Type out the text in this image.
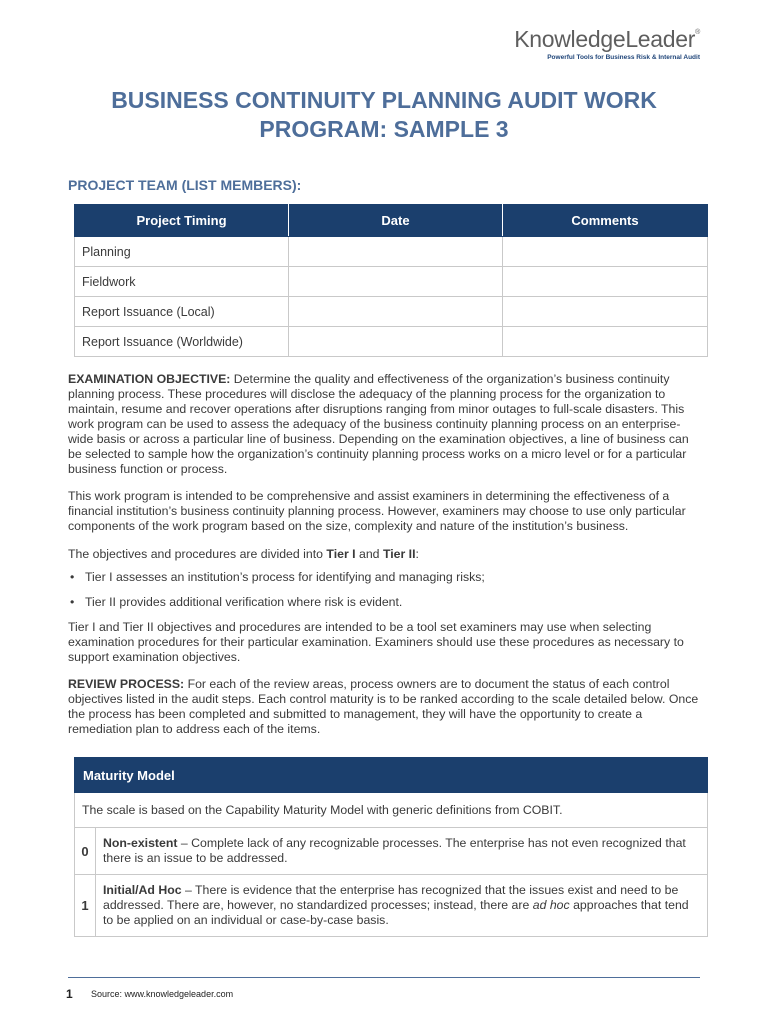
KnowledgeLeader®
Powerful Tools for Business Risk & Internal Audit
BUSINESS CONTINUITY PLANNING AUDIT WORK
PROGRAM: SAMPLE 3
PROJECT TEAM (LIST MEMBERS):
Project Timing	Date	Comments
Planning		
Fieldwork		
Report Issuance (Local)		
Report Issuance (Worldwide)		
EXAMINATION OBJECTIVE: Determine the quality and effectiveness of the organization’s business continuity planning process. These procedures will disclose the adequacy of the planning process for the organization to maintain, resume and recover operations after disruptions ranging from minor outages to full-scale disasters. This work program can be used to assess the adequacy of the business continuity planning process on an enterprise-wide basis or across a particular line of business. Depending on the examination objectives, a line of business can be selected to sample how the organization’s continuity planning process works on a micro level or for a particular business function or process.
This work program is intended to be comprehensive and assist examiners in determining the effectiveness of a financial institution’s business continuity planning process. However, examiners may choose to use only particular components of the work program based on the size, complexity and nature of the institution’s business.
The objectives and procedures are divided into Tier I and Tier II:
• Tier I assesses an institution’s process for identifying and managing risks;
• Tier II provides additional verification where risk is evident.
Tier I and Tier II objectives and procedures are intended to be a tool set examiners may use when selecting examination procedures for their particular examination. Examiners should use these procedures as necessary to support examination objectives.
REVIEW PROCESS: For each of the review areas, process owners are to document the status of each control objectives listed in the audit steps. Each control maturity is to be ranked according to the scale detailed below. Once the process has been completed and submitted to management, they will have the opportunity to create a remediation plan to address each of the items.
Maturity Model	
The scale is based on the Capability Maturity Model with generic definitions from COBIT.	
0	Non-existent – Complete lack of any recognizable processes. The enterprise has not even recognized that there is an issue to be addressed.
1	Initial/Ad Hoc – There is evidence that the enterprise has recognized that the issues exist and need to be addressed. There are, however, no standardized processes; instead, there are ad hoc approaches that tend to be applied on an individual or case-by-case basis.
1 Source: www.knowledgeleader.com
